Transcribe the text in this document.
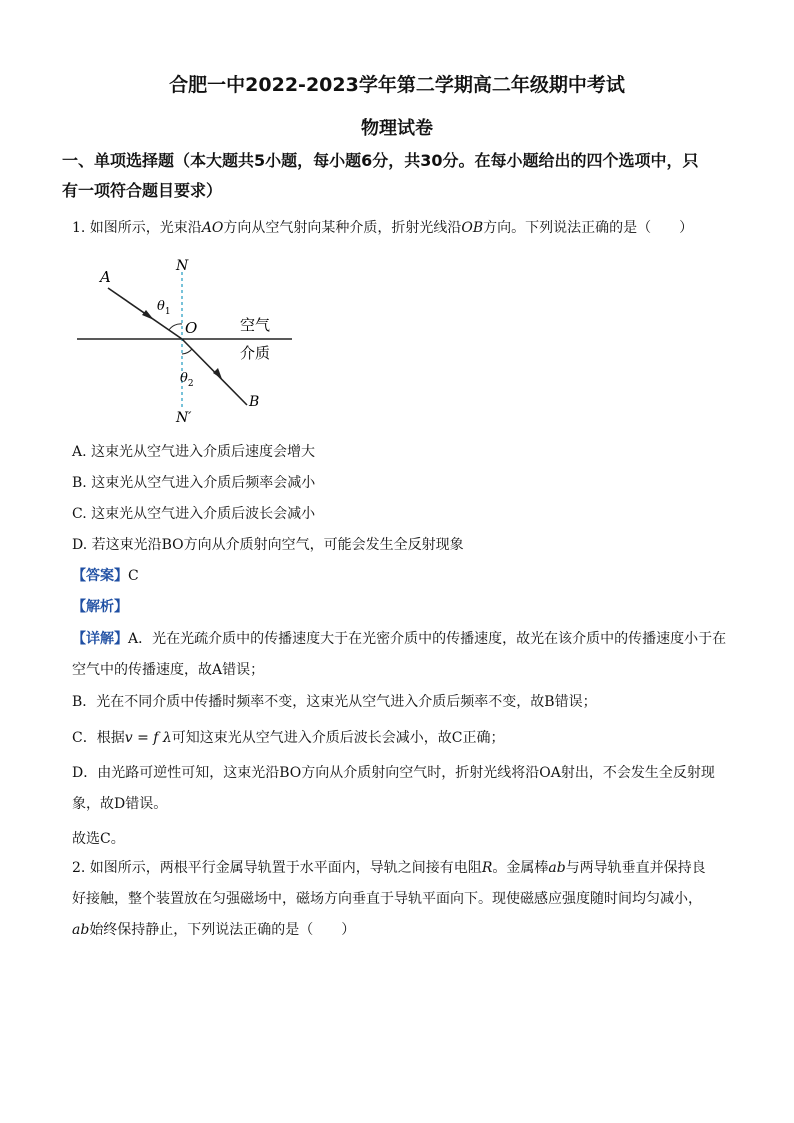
合肥一中2022-2023学年第二学期高二年级期中考试
物理试卷
一、单项选择题（本大题共5小题，每小题6分，共30分。在每小题给出的四个选项中，只
有一项符合题目要求）
1. 如图所示，光束沿AO方向从空气射向某种介质，折射光线沿OB方向。下列说法正确的是（　　）
A
N
O
$\theta_1$
空气
介质
$\theta_2$
N′
B
A. 这束光从空气进入介质后速度会增大
B. 这束光从空气进入介质后频率会减小
C. 这束光从空气进入介质后波长会减小
D. 若这束光沿BO方向从介质射向空气，可能会发生全反射现象
【答案】C
【解析】
【详解】A．光在光疏介质中的传播速度大于在光密介质中的传播速度，故光在该介质中的传播速度小于在空气中的传播速度，故A错误；
B．光在不同介质中传播时频率不变，这束光从空气进入介质后频率不变，故B错误；
C．根据v = f λ可知这束光从空气进入介质后波长会减小，故C正确；
D．由光路可逆性可知，这束光沿BO方向从介质射向空气时，折射光线将沿OA射出，不会发生全反射现象，故D错误。
故选C。
2. 如图所示，两根平行金属导轨置于水平面内，导轨之间接有电阻R。金属棒ab与两导轨垂直并保持良
好接触，整个装置放在匀强磁场中，磁场方向垂直于导轨平面向下。现使磁感应强度随时间均匀减小，
ab始终保持静止，下列说法正确的是（　　）
